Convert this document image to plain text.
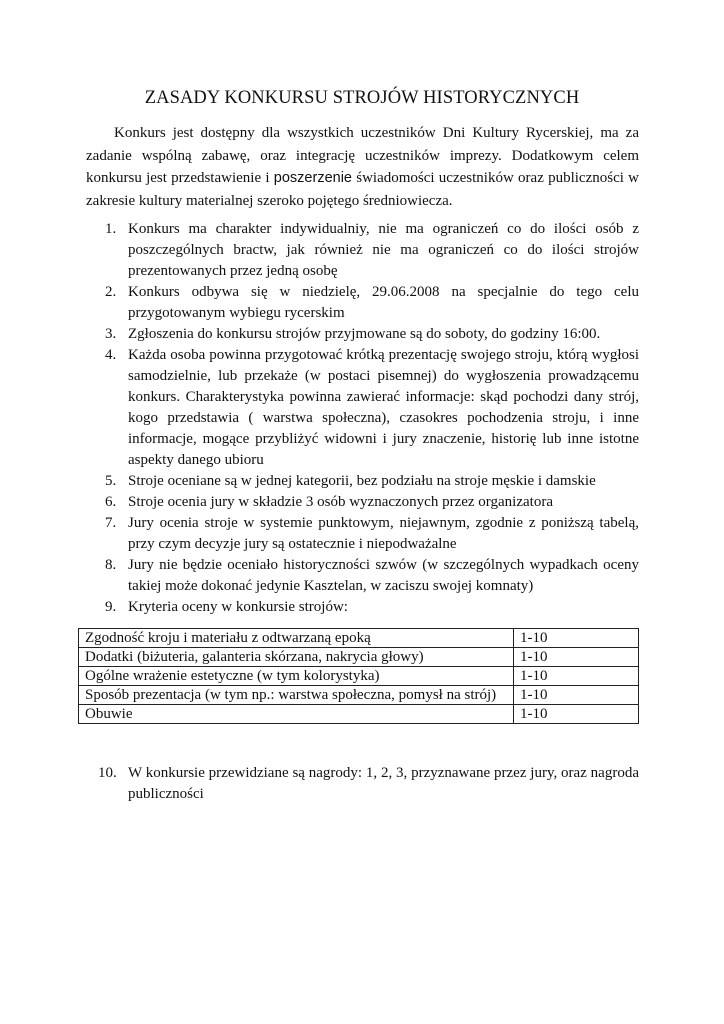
ZASADY KONKURSU STROJÓW HISTORYCZNYCH

Konkurs jest dostępny dla wszystkich uczestników Dni Kultury Rycerskiej, ma za zadanie wspólną zabawę, oraz integrację uczestników imprezy. Dodatkowym celem konkursu jest przedstawienie i poszerzenie świadomości uczestników oraz publiczności w zakresie kultury materialnej szeroko pojętego średniowiecza.

1. Konkurs ma charakter indywidualniy, nie ma ograniczeń co do ilości osób z poszczególnych bractw, jak również nie ma ograniczeń co do ilości strojów prezentowanych przez jedną osobę
2. Konkurs odbywa się w niedzielę, 29.06.2008 na specjalnie do tego celu przygotowanym wybiegu rycerskim
3. Zgłoszenia do konkursu strojów przyjmowane są do soboty, do godziny 16:00.
4. Każda osoba powinna przygotować krótką prezentację swojego stroju, którą wygłosi samodzielnie, lub przekaże (w postaci pisemnej) do wygłoszenia prowadzącemu konkurs. Charakterystyka powinna zawierać informacje: skąd pochodzi dany strój, kogo przedstawia ( warstwa społeczna), czasokres pochodzenia stroju, i inne informacje, mogące przybliżyć widowni i jury znaczenie, historię lub inne istotne aspekty danego ubioru
5. Stroje oceniane są w jednej kategorii, bez podziału na stroje męskie i damskie
6. Stroje ocenia jury w składzie 3 osób wyznaczonych przez organizatora
7. Jury ocenia stroje w systemie punktowym, niejawnym, zgodnie z poniższą tabelą, przy czym decyzje jury są ostatecznie i niepodważalne
8. Jury nie będzie oceniało historyczności szwów (w szczególnych wypadkach oceny takiej może dokonać jedynie Kasztelan, w zaciszu swojej komnaty)
9. Kryteria oceny w konkursie strojów:
Zgodność kroju i materiału z odtwarzaną epoką	1-10
Dodatki (biżuteria, galanteria skórzana, nakrycia głowy)	1-10
Ogólne wrażenie estetyczne (w tym kolorystyka)	1-10
Sposób prezentacja (w tym np.: warstwa społeczna, pomysł na strój)	1-10
Obuwie	1-10
10. W konkursie przewidziane są nagrody: 1, 2, 3, przyznawane przez jury, oraz nagroda publiczności
